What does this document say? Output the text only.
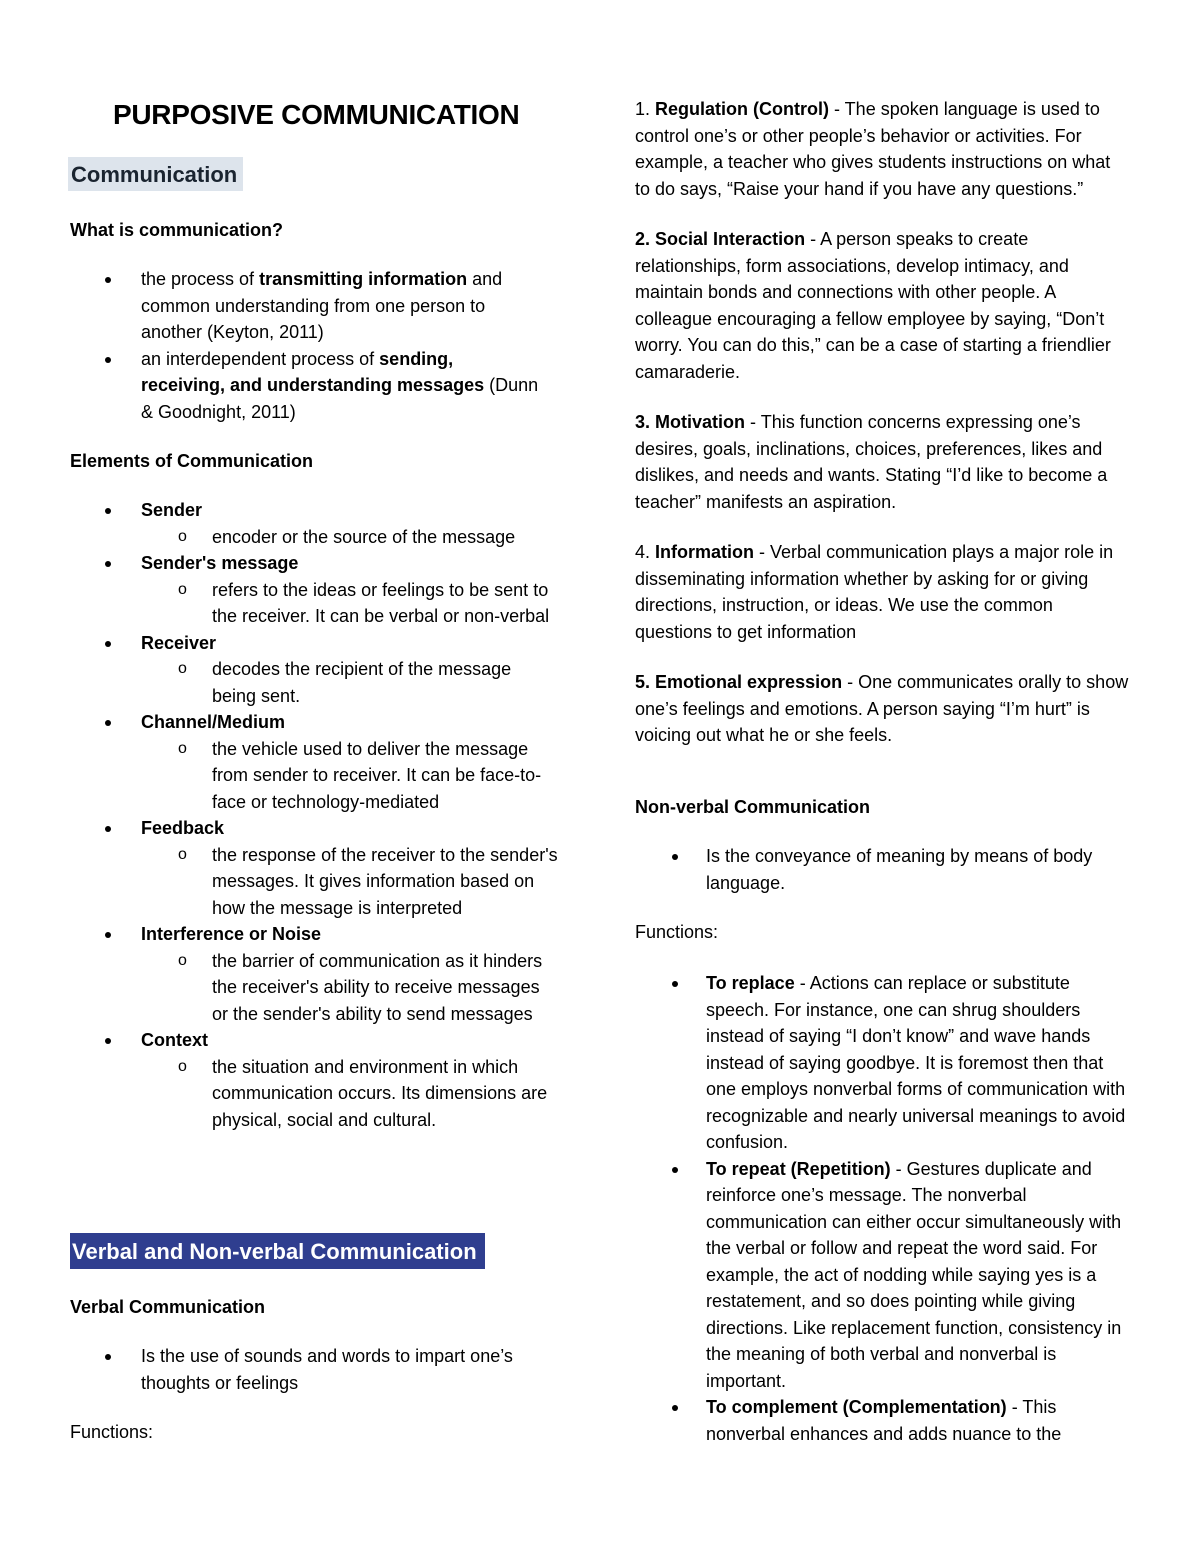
PURPOSIVE COMMUNICATION
Communication

What is communication?

the process of transmitting information and common understanding from one person to another (Keyton, 2011)
an interdependent process of sending, receiving, and understanding messages (Dunn & Goodnight, 2011)

Elements of Communication

Sender
o encoder or the source of the message
Sender's message
o refers to the ideas or feelings to be sent to the receiver. It can be verbal or non-verbal
Receiver
o decodes the recipient of the message being sent.
Channel/Medium
o the vehicle used to deliver the message from sender to receiver. It can be face-to-face or technology-mediated
Feedback
o the response of the receiver to the sender's messages. It gives information based on how the message is interpreted
Interference or Noise
o the barrier of communication as it hinders the receiver's ability to receive messages or the sender's ability to send messages
Context
o the situation and environment in which communication occurs. Its dimensions are physical, social and cultural.
Verbal and Non-verbal Communication

Verbal Communication

Is the use of sounds and words to impart one’s thoughts or feelings

Functions:

1. Regulation (Control) - The spoken language is used to control one’s or other people’s behavior or activities. For example, a teacher who gives students instructions on what to do says, “Raise your hand if you have any questions.”

2. Social Interaction - A person speaks to create relationships, form associations, develop intimacy, and maintain bonds and connections with other people. A colleague encouraging a fellow employee by saying, “Don’t worry. You can do this,” can be a case of starting a friendlier camaraderie.

3. Motivation - This function concerns expressing one’s desires, goals, inclinations, choices, preferences, likes and dislikes, and needs and wants. Stating “I’d like to become a teacher” manifests an aspiration.

4. Information - Verbal communication plays a major role in disseminating information whether by asking for or giving directions, instruction, or ideas. We use the common questions to get information

5. Emotional expression - One communicates orally to show one’s feelings and emotions. A person saying “I’m hurt” is voicing out what he or she feels.

Non-verbal Communication

Is the conveyance of meaning by means of body language.

Functions:

To replace - Actions can replace or substitute speech. For instance, one can shrug shoulders instead of saying “I don’t know” and wave hands instead of saying goodbye. It is foremost then that one employs nonverbal forms of communication with recognizable and nearly universal meanings to avoid confusion.
To repeat (Repetition) - Gestures duplicate and reinforce one’s message. The nonverbal communication can either occur simultaneously with the verbal or follow and repeat the word said. For example, the act of nodding while saying yes is a restatement, and so does pointing while giving directions. Like replacement function, consistency in the meaning of both verbal and nonverbal is important.
To complement (Complementation) - This nonverbal enhances and adds nuance to the
